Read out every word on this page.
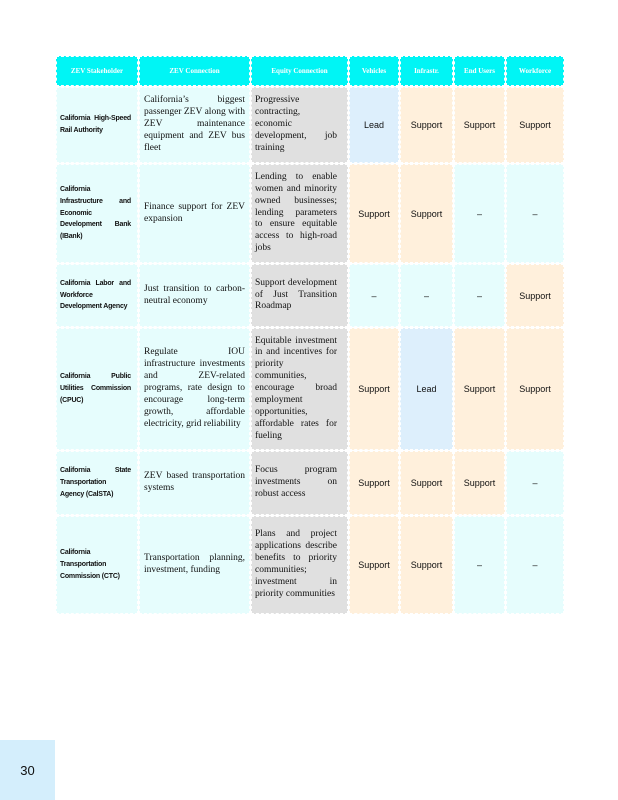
ZEV Stakeholder	ZEV Connection	Equity Connection	Vehicles	Infrastr.	End Users	Workforce
California High-Speed Rail Authority	California’s biggest passenger ZEV along with ZEV maintenance equipment and ZEV bus fleet	Progressive contracting, economic development, job training	Lead	Support	Support	Support
California Infrastructure and Economic Development Bank (IBank)	Finance support for ZEV expansion	Lending to enable women and minority owned businesses; lending parameters to ensure equitable access to high-road jobs	Support	Support	–	–
California Labor and Workforce Development Agency	Just transition to carbon-neutral economy	Support development of Just Transition Roadmap	–	–	–	Support
California Public Utilities Commission (CPUC)	Regulate IOU infrastructure investments and ZEV-related programs, rate design to encourage long-term growth, affordable electricity, grid reliability	Equitable investment in and incentives for priority communities, encourage broad employment opportunities, affordable rates for fueling	Support	Lead	Support	Support
California State Transportation Agency (CalSTA)	ZEV based transportation systems	Focus program investments on robust access	Support	Support	Support	–
California Transportation Commission (CTC)	Transportation planning, investment, funding	Plans and project applications describe benefits to priority communities; investment in priority communities	Support	Support	–	–
30
